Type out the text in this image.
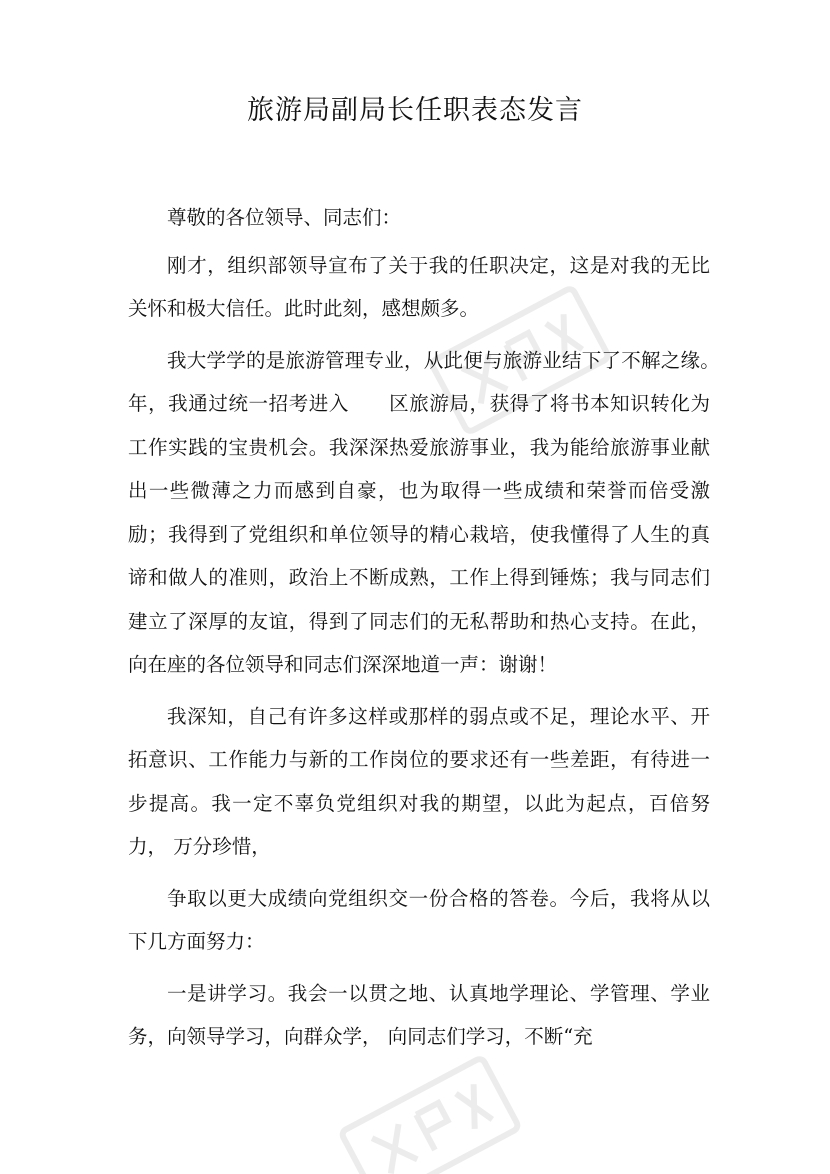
旅游局副局长任职表态发言

尊敬的各位领导、同志们：

刚才，组织部领导宣布了关于我的任职决定，这是对我的无比关怀和极大信任。此时此刻，感想颇多。

我大学学的是旅游管理专业，从此便与旅游业结下了不解之缘。　　年，我通过统一招考进入　　区旅游局，获得了将书本知识转化为工作实践的宝贵机会。我深深热爱旅游事业，我为能给旅游事业献出一些微薄之力而感到自豪，也为取得一些成绩和荣誉而倍受激励；我得到了党组织和单位领导的精心栽培，使我懂得了人生的真谛和做人的准则，政治上不断成熟，工作上得到锤炼；我与同志们建立了深厚的友谊，得到了同志们的无私帮助和热心支持。在此， 向在座的各位领导和同志们深深地道一声：谢谢！

我深知，自己有许多这样或那样的弱点或不足，理论水平、开拓意识、工作能力与新的工作岗位的要求还有一些差距，有待进一步提高。我一定不辜负党组织对我的期望，以此为起点，百倍努力， 万分珍惜，

争取以更大成绩向党组织交一份合格的答卷。今后，我将从以下几方面努力：

一是讲学习。我会一以贯之地、认真地学理论、学管理、学业务，向领导学习，向群众学， 向同志们学习，不断“充
